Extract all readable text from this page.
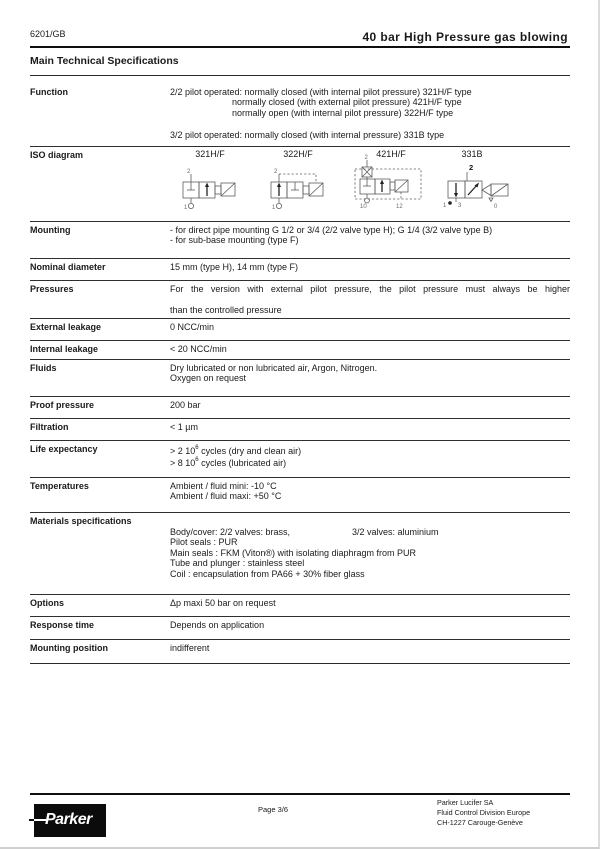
6201/GB	40 bar High Pressure gas blowing
Main Technical Specifications
Function	2/2 pilot operated: normally closed (with internal pilot pressure) 321H/F type
normally closed (with external pilot pressure) 421H/F type
normally open (with internal pilot pressure) 322H/F type
3/2 pilot operated: normally closed (with internal pressure) 331B type
ISO diagram	321H/F	322H/F	421H/F	331B
2
1
2
1
2
10	12
2
1 3	0
Mounting	- for direct pipe mounting G 1/2 or 3/4 (2/2 valve type H); G 1/4 (3/2 valve type B)
- for sub-base mounting (type F)
Nominal diameter	15 mm (type H), 14 mm (type F)
Pressures	For the version with external pilot pressure, the pilot pressure must always be higher
than the controlled pressure
External leakage	0 NCC/min
Internal leakage	< 20 NCC/min
Fluids	Dry lubricated or non lubricated air, Argon, Nitrogen.
Oxygen on request
Proof pressure	200 bar
Filtration	< 1 µm
Life expectancy	> 2 $10^6$ cycles (dry and clean air)
> 8 $10^6$ cycles (lubricated air)
Temperatures	Ambient / fluid mini: -10 °C
Ambient / fluid maxi: +50 °C
Materials specifications
Body/cover: 2/2 valves: brass,	3/2 valves: aluminium
Pilot seals : PUR
Main seals : FKM (Viton®) with isolating diaphragm from PUR
Tube and plunger : stainless steel
Coil : encapsulation from PA66 + 30% fiber glass
Options	Δp maxi 50 bar on request
Response time	Depends on application
Mounting position	indifferent
Parker
Page 3/6
Parker Lucifer SA
Fluid Control Division Europe
CH-1227 Carouge-Genève
